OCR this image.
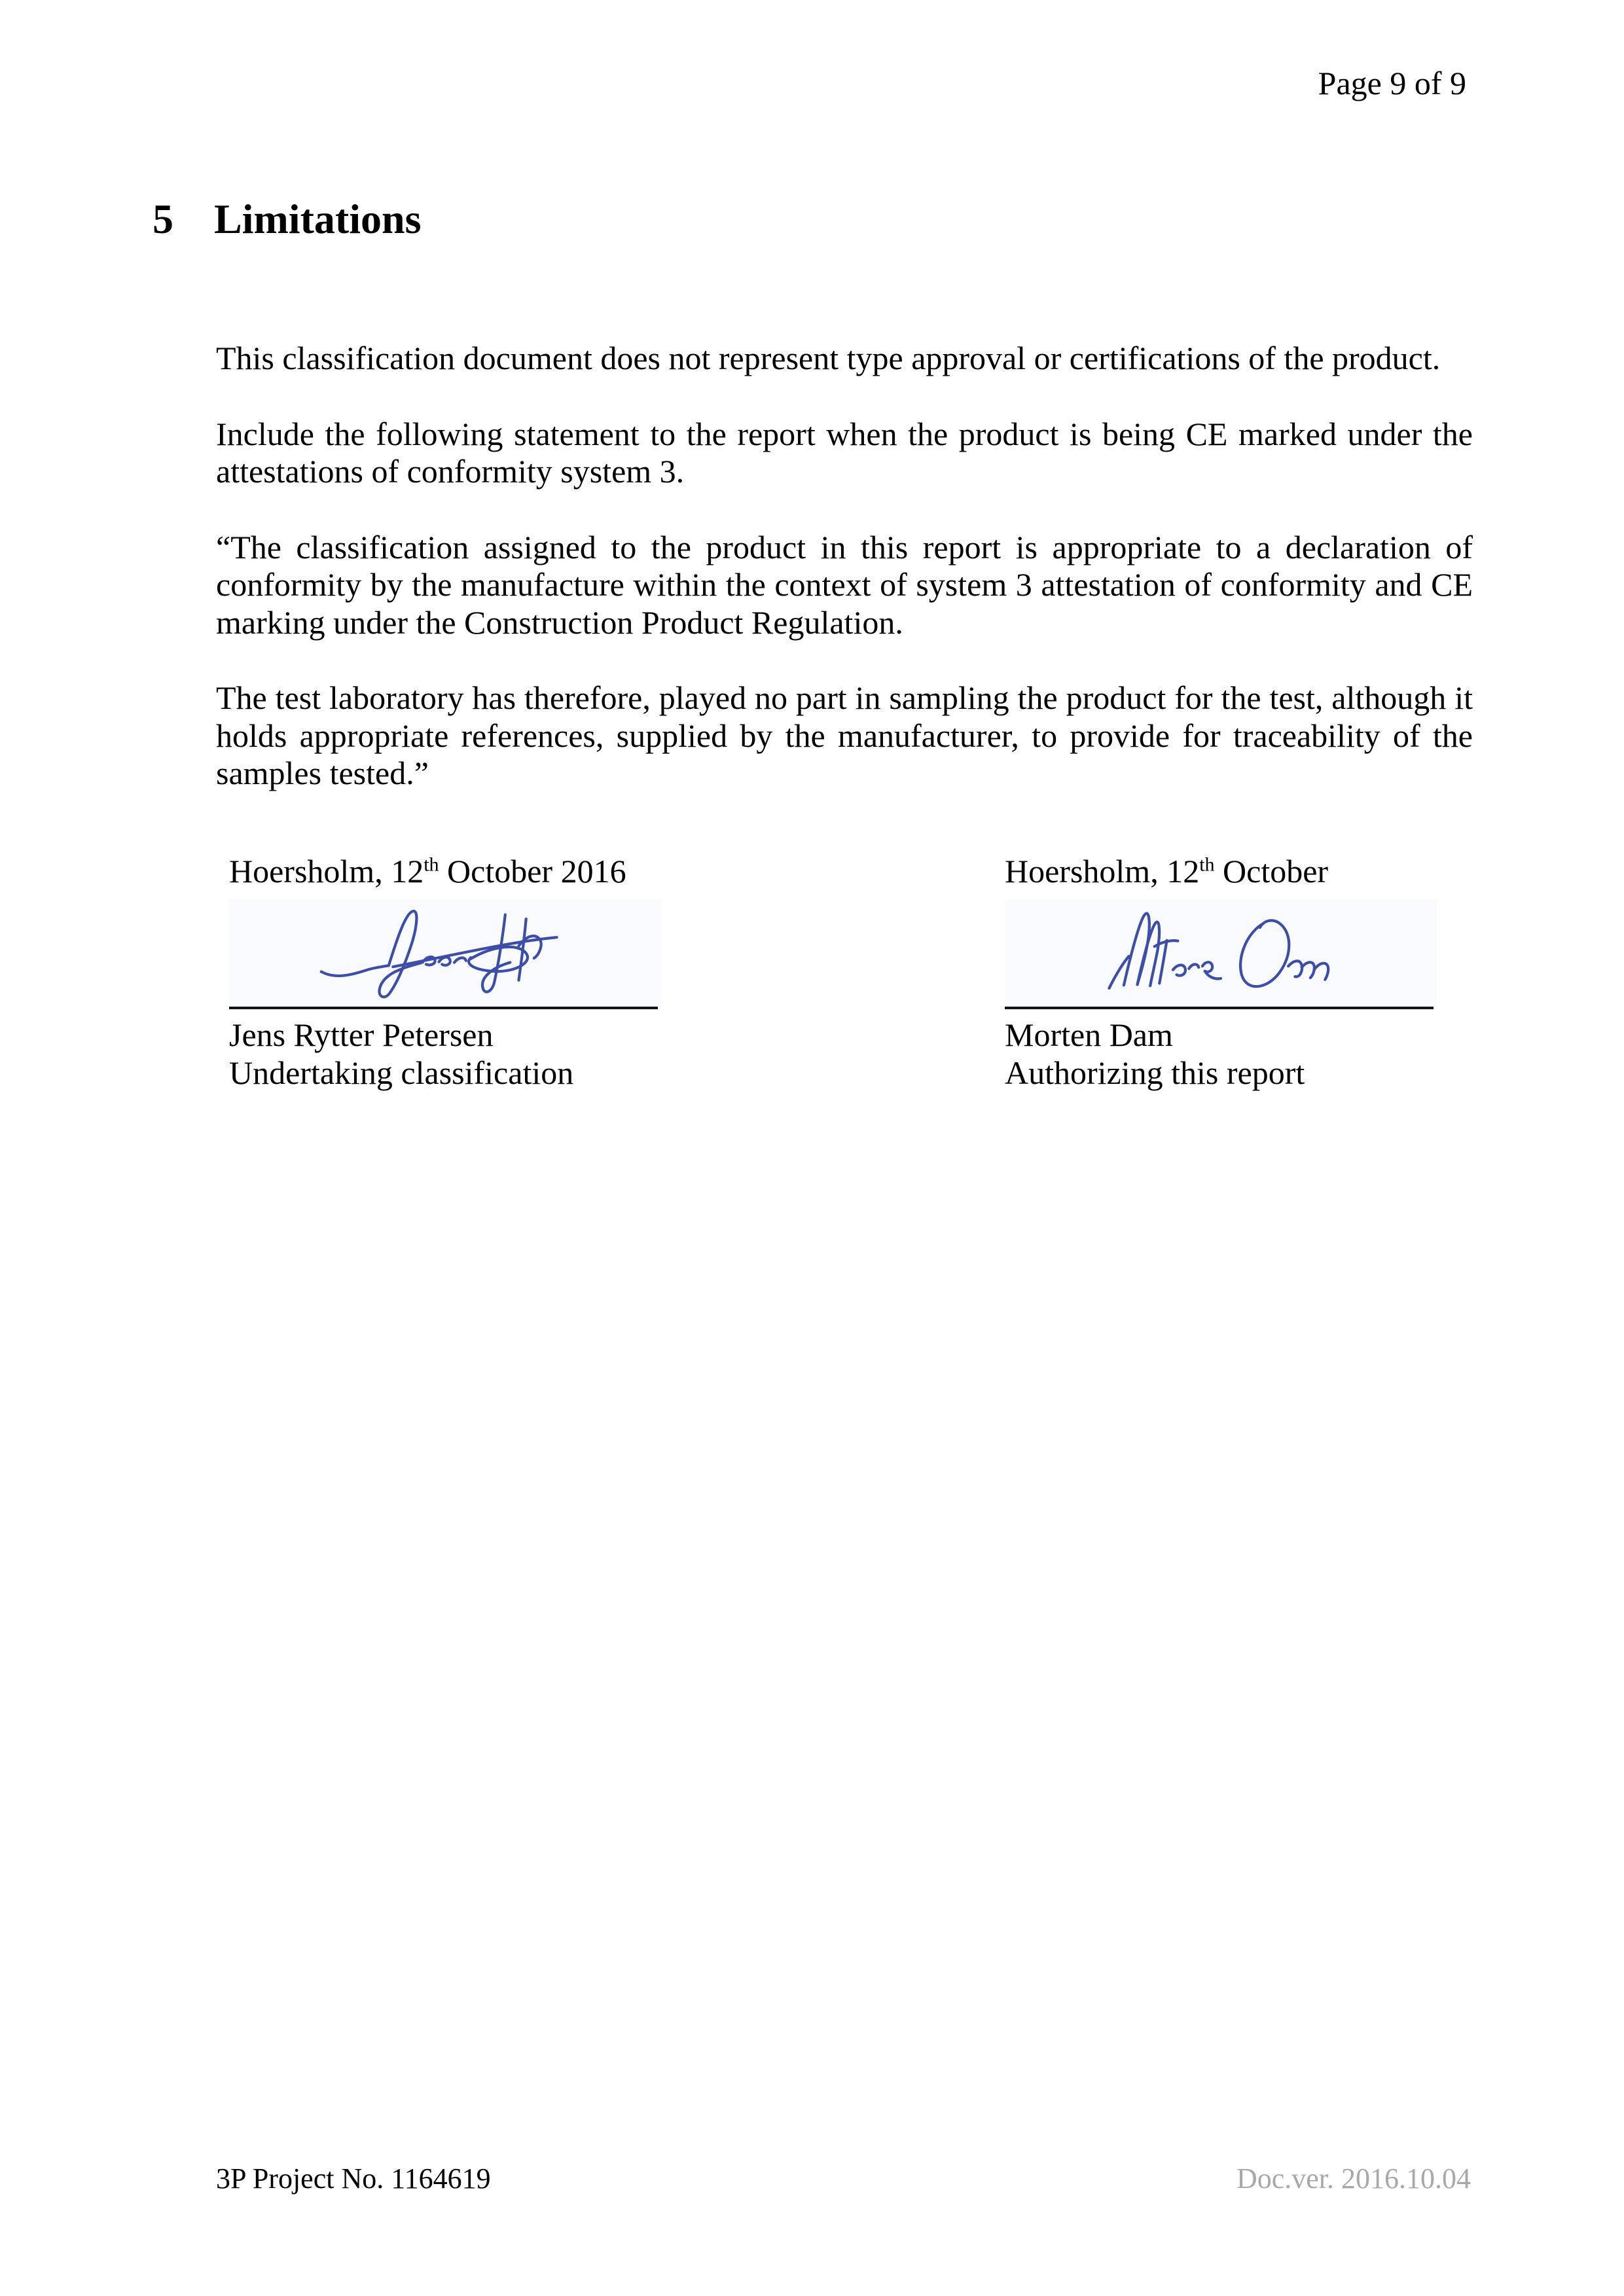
Page 9 of 9
5 Limitations

This classification document does not represent type approval or certifications of the product.

Include the following statement to the report when the product is being CE marked under the attestations of conformity system 3.

“The classification assigned to the product in this report is appropriate to a declaration of conformity by the manufacture within the context of system 3 attestation of conformity and CE marking under the Construction Product Regulation.

The test laboratory has therefore, played no part in sampling the product for the test, although it holds appropriate references, supplied by the manufacturer, to provide for traceability of the samples tested.”

Hoersholm, 12th October 2016
Jens Rytter Petersen
Undertaking classification
Hoersholm, 12th October
Morten Dam
Authorizing this report
3P Project No. 1164619	Doc.ver. 2016.10.04
